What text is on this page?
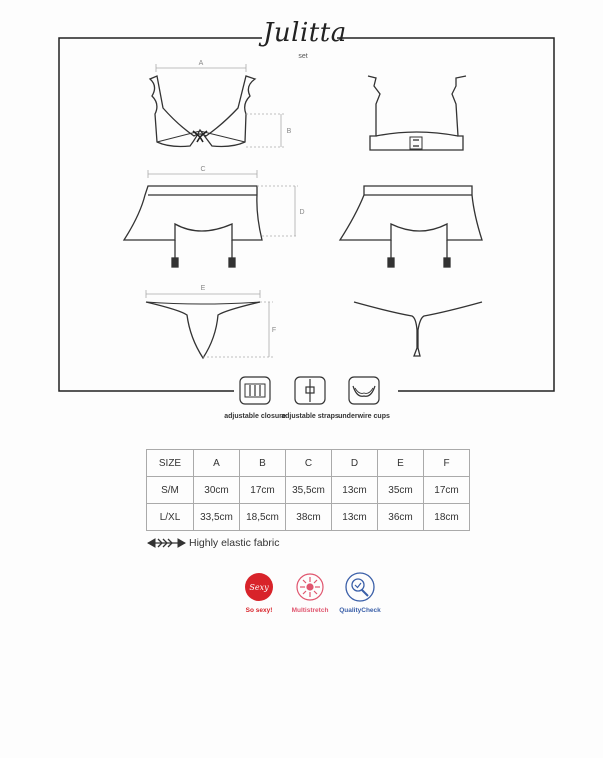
Julitta
set
A
B
C
D
E
F
Sexy
adjustable closure
adjustable straps underwire cups
SIZE	A	B	C	D	E	F
S/M	30cm	17cm	35,5cm	13cm	35cm	17cm
L/XL	33,5cm	18,5cm	38cm	13cm	36cm	18cm
Highly elastic fabric
So sexy!	Multistretch	QualityCheck
